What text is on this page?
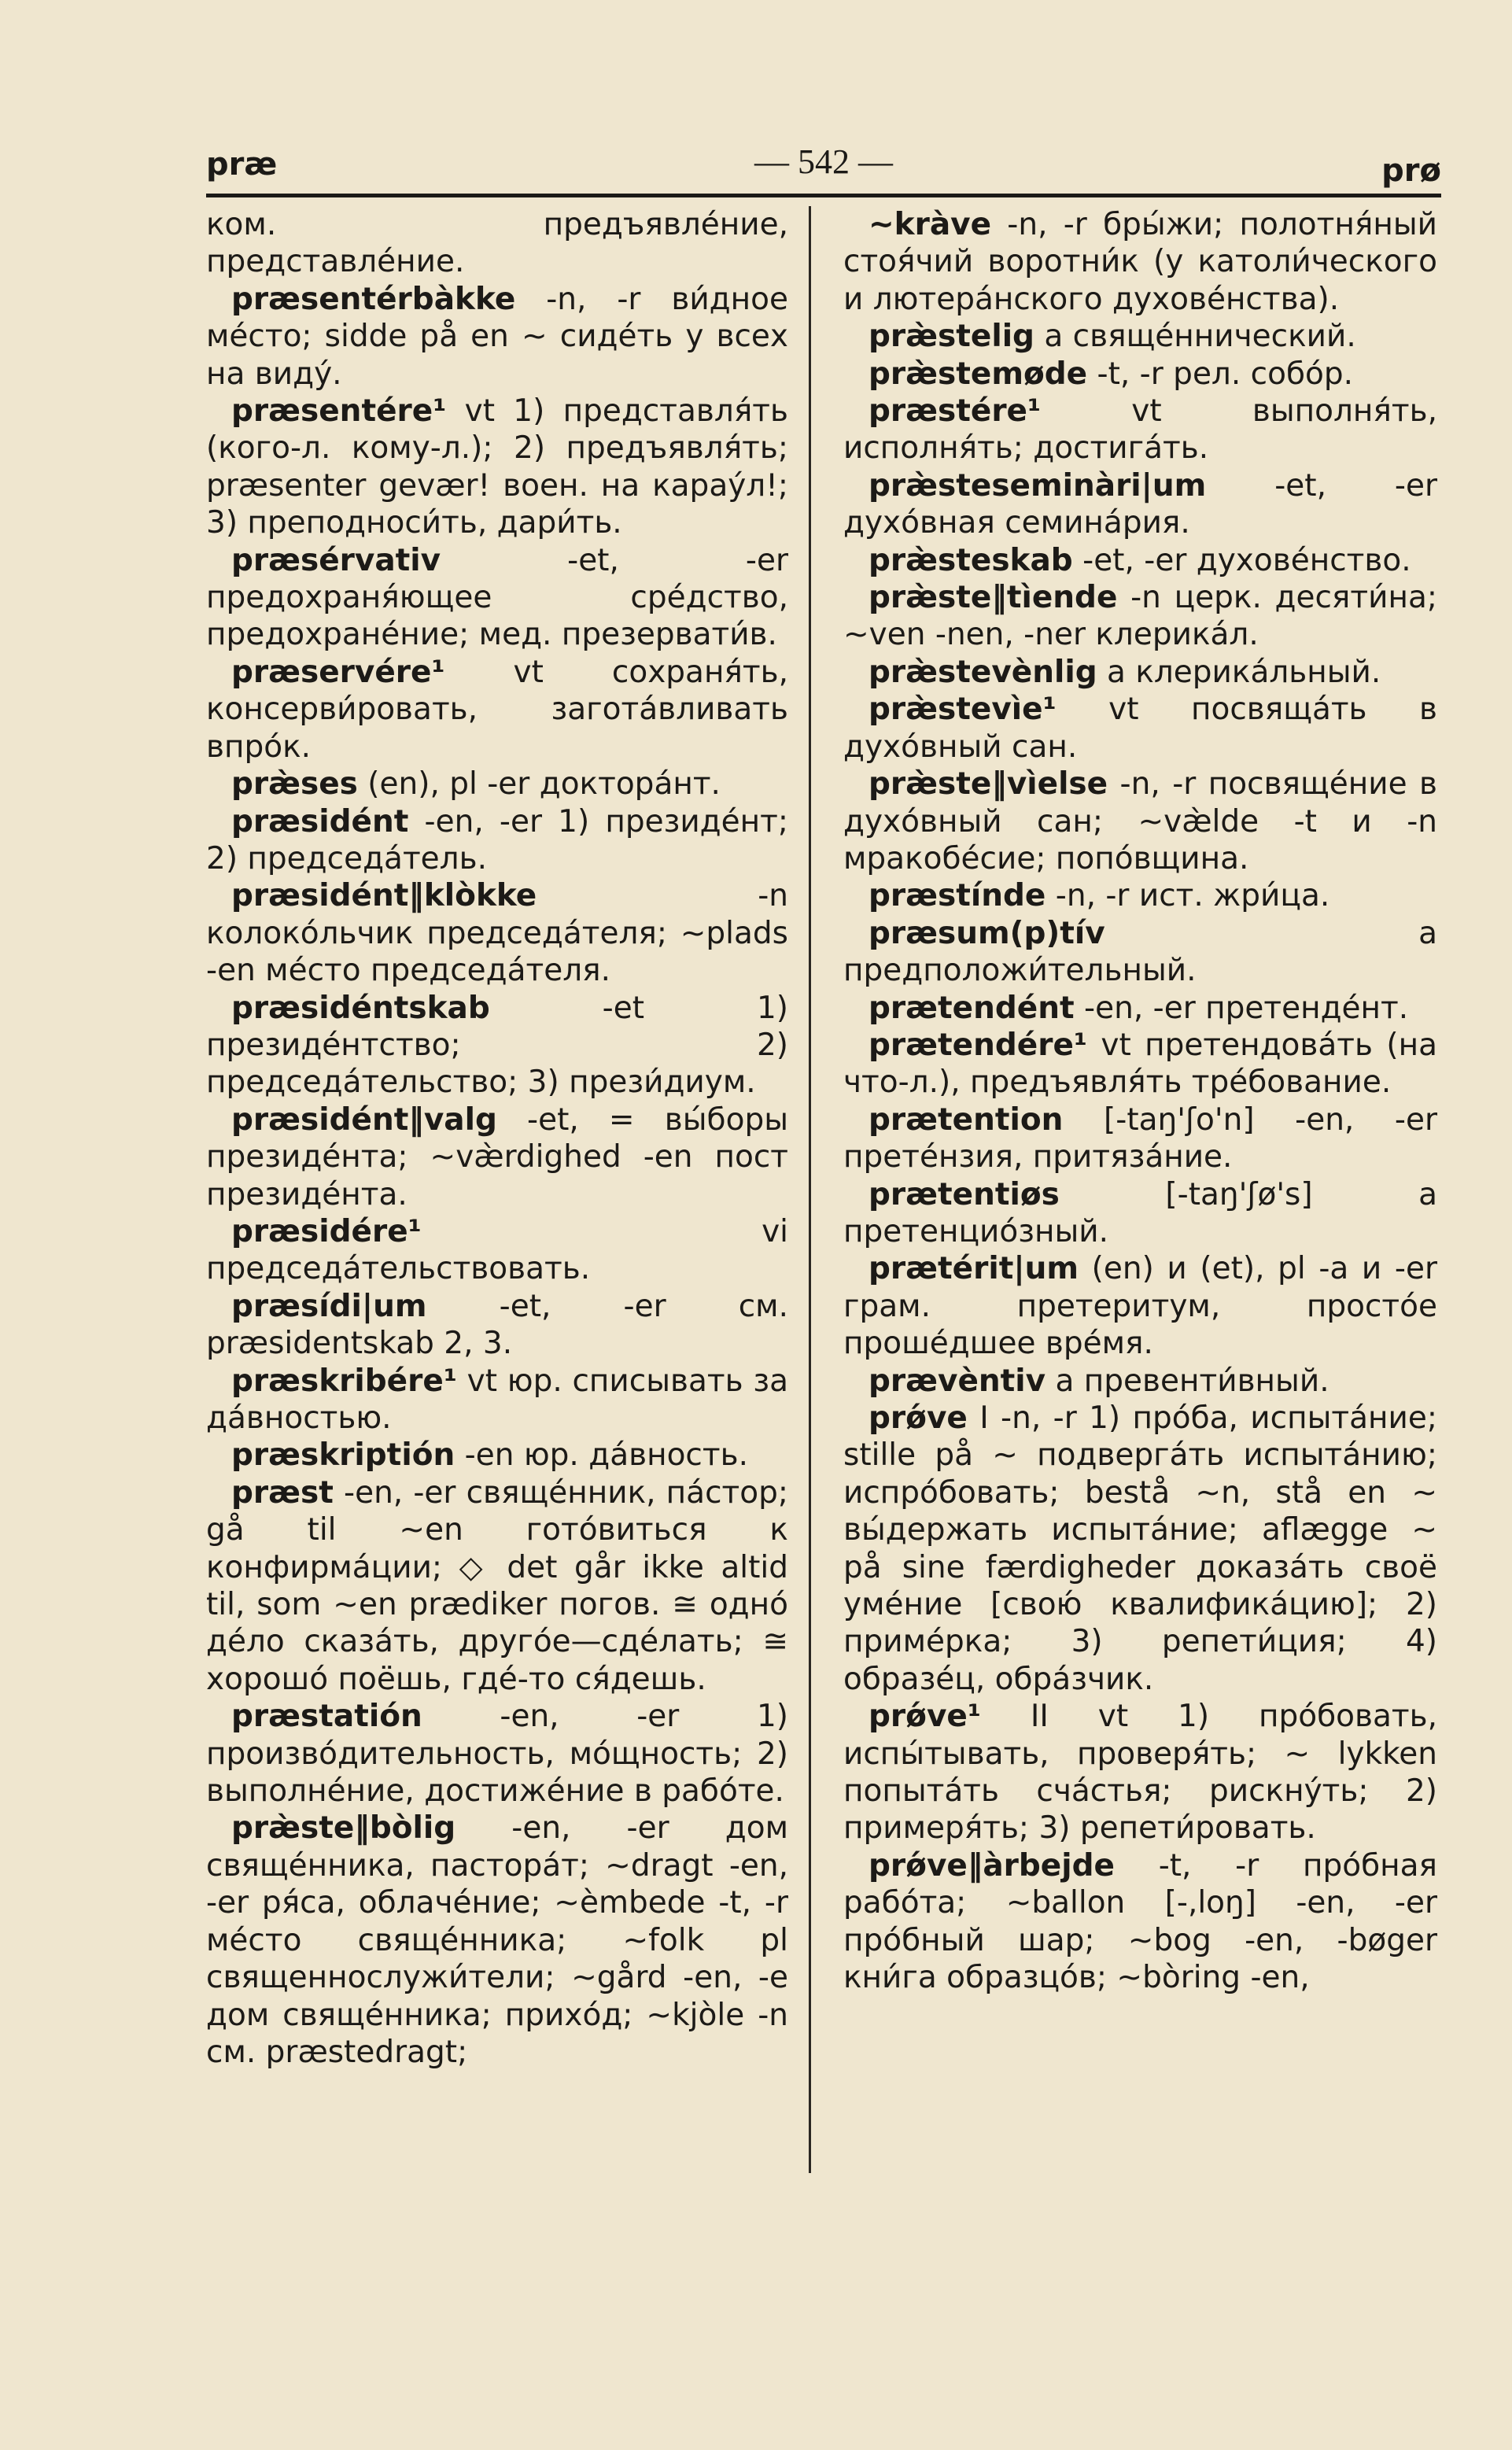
præ	— 542 —	prø

ком. предъявле́ние, представле́ние.

præsentérbàkke -n, -r ви́дное ме́сто; sidde på en ~ сиде́ть у всех на виду́.

præsentére¹ vt 1) представля́ть (кого-л. кому-л.); 2) предъявля́ть; præsenter gevær! воен. на карау́л!; 3) преподноси́ть, дари́ть.

præsérvativ -et, -er предохраня́ющее сре́дство, предохране́ние; мед. презервати́в.

præservére¹ vt сохраня́ть, консерви́ровать, загота́вливать впро́к.

præ̀ses (en), pl -er доктора́нт.

præsidént -en, -er 1) президе́нт; 2) председа́тель.

præsidént‖klòkke -n колоко́льчик председа́теля; ~plads -en ме́сто председа́теля.

præsidéntskab -et 1) президе́нтство; 2) председа́тельство; 3) прези́диум.

præsidént‖valg -et, = вы́боры президе́нта; ~væ̀rdighed -en пост президе́нта.

præsidére¹ vi председа́тельствовать.

præsídi|um -et, -er см. præsidentskab 2, 3.

præskribére¹ vt юр. списывать за да́вностью.

præskriptión -en юр. да́вность.

præst -en, -er свяще́нник, па́стор; gå til ~en гото́виться к конфирма́ции; ◇ det går ikke altid til, som ~en prædiker погов. ≅ одно́ де́ло сказа́ть, друго́е—сде́лать; ≅ хорошо́ поёшь, где́-то ся́дешь.

præstatión -en, -er 1) произво́дительность, мо́щность; 2) выполне́ние, достиже́ние в рабо́те.

præ̀ste‖bòlig -en, -er дом свяще́нника, пастора́т; ~dragt -en, -er ря́са, облаче́ние; ~èmbede -t, -r ме́сто свяще́нника; ~folk pl священнослужи́тели; ~gård -en, -e дом свяще́нника; прихо́д; ~kjòle -n см. præstedragt;

~kràve -n, -r бры́жи; полотня́ный стоя́чий воротни́к (у католи́ческого и лютера́нского духове́нства).

præ̀stelig a свяще́ннический.

præ̀stemøde -t, -r рел. собо́р.

præstére¹ vt выполня́ть, исполня́ть; достига́ть.

præ̀steseminàri|um -et, -er духо́вная семина́рия.

præ̀steskab -et, -er духове́нство.

præ̀ste‖tìende -n церк. десяти́на; ~ven -nen, -ner клерика́л.

præ̀stevènlig a клерика́льный.

præ̀stevìe¹ vt посвяща́ть в духо́вный сан.

præ̀ste‖vìelse -n, -r посвяще́ние в духо́вный сан; ~væ̀lde -t и -n мракобе́сие; попо́вщина.

præstínde -n, -r ист. жри́ца.

præsum(p)tív a предположи́тельный.

prætendént -en, -er претенде́нт.

prætendére¹ vt претендова́ть (на что-л.), предъявля́ть тре́бование.

prætention [-taŋ'ʃo'n] -en, -er прете́нзия, притяза́ние.

prætentiøs [-taŋ'ʃø's] a претенцио́зный.

prætérit|um (en) и (et), pl -a и -er грам. претеритум, просто́е проше́дшее вре́мя.

prævèntiv a превенти́вный.

prǿve I -n, -r 1) про́ба, испыта́ние; stille på ~ подверга́ть испыта́нию; испро́бовать; bestå ~n, stå en ~ вы́держать испыта́ние; aflægge ~ på sine færdigheder доказа́ть своё уме́ние [свою́ квалифика́цию]; 2) приме́рка; 3) репети́ция; 4) образе́ц, обра́зчик.

prǿve¹ II vt 1) про́бовать, испы́тывать, проверя́ть; ~ lykken попыта́ть сча́стья; рискну́ть; 2) примеря́ть; 3) репети́ровать.

prǿve‖àrbejde -t, -r про́бная рабо́та; ~ballon [-,loŋ] -en, -er про́бный шар; ~bog -en, -bøger кни́га образцо́в; ~bòring -en,
